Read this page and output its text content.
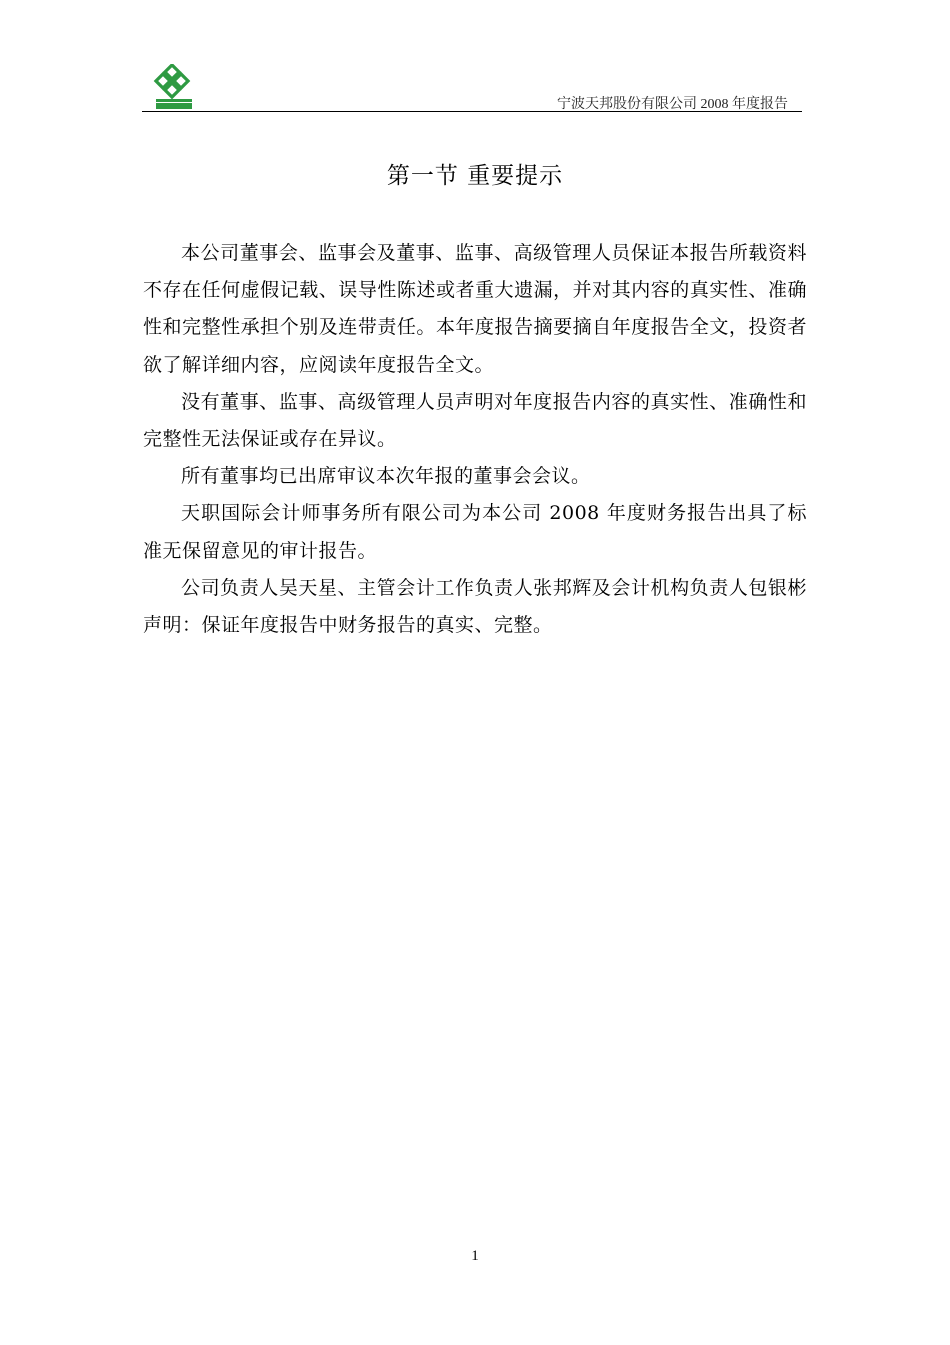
宁波天邦股份有限公司 2008 年度报告
第一节 重要提示

本公司董事会、监事会及董事、监事、高级管理人员保证本报告所载资料不存在任何虚假记载、误导性陈述或者重大遗漏，并对其内容的真实性、准确性和完整性承担个别及连带责任。本年度报告摘要摘自年度报告全文，投资者欲了解详细内容，应阅读年度报告全文。

没有董事、监事、高级管理人员声明对年度报告内容的真实性、准确性和完整性无法保证或存在异议。

所有董事均已出席审议本次年报的董事会会议。

天职国际会计师事务所有限公司为本公司 2008 年度财务报告出具了标准无保留意见的审计报告。

公司负责人吴天星、主管会计工作负责人张邦辉及会计机构负责人包银彬声明：保证年度报告中财务报告的真实、完整。

1
